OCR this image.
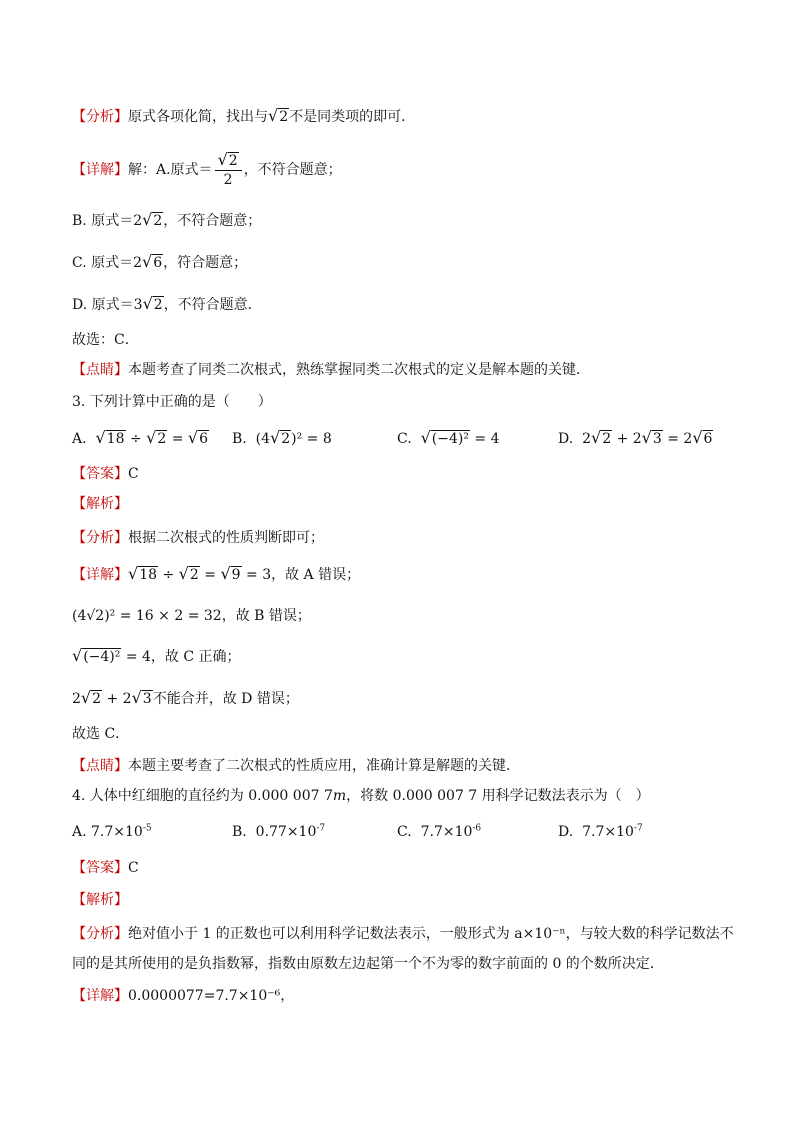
【分析】原式各项化简，找出与√2不是同类项的即可．
【详解】解：A.原式＝ $\frac{√2}{2}$ ，不符合题意；
B. 原式＝2√2，不符合题意；
C. 原式＝2√6，符合题意；
D. 原式＝3√2，不符合题意．
故选：C．
【点睛】本题考查了同类二次根式，熟练掌握同类二次根式的定义是解本题的关键．
3. 下列计算中正确的是（　　）
A. √18 ÷ √2 = √6 B. (4√2)² = 8	C. √(−4)² = 4	D.  2√2 + 2√3 = 2√6
【答案】C
【解析】
【分析】根据二次根式的性质判断即可；
【详解】√18 ÷ √2 = √9 = 3，故 A 错误；
(4√2)² = 16 × 2 = 32，故 B 错误；
√(−4)² = 4，故 C 正确；
2√2 + 2√3不能合并，故 D 错误；
故选 C．
【点睛】本题主要考查了二次根式的性质应用，准确计算是解题的关键．
4. 人体中红细胞的直径约为 0.000 007 7m，将数 0.000 007 7 用科学记数法表示为（　）
A. $7.7\times 10^{-5}$	B. $0.77\times 10^{-7}$	C. $7.7\times 10^{-6}$	D. $7.7\times 10^{-7}$
【答案】C
【解析】
【分析】绝对值小于 1 的正数也可以利用科学记数法表示，一般形式为 a×10⁻ⁿ，与较大数的科学记数法不
同的是其所使用的是负指数幂，指数由原数左边起第一个不为零的数字前面的 0 的个数所决定．
【详解】0.0000077=7.7×10⁻⁶，
